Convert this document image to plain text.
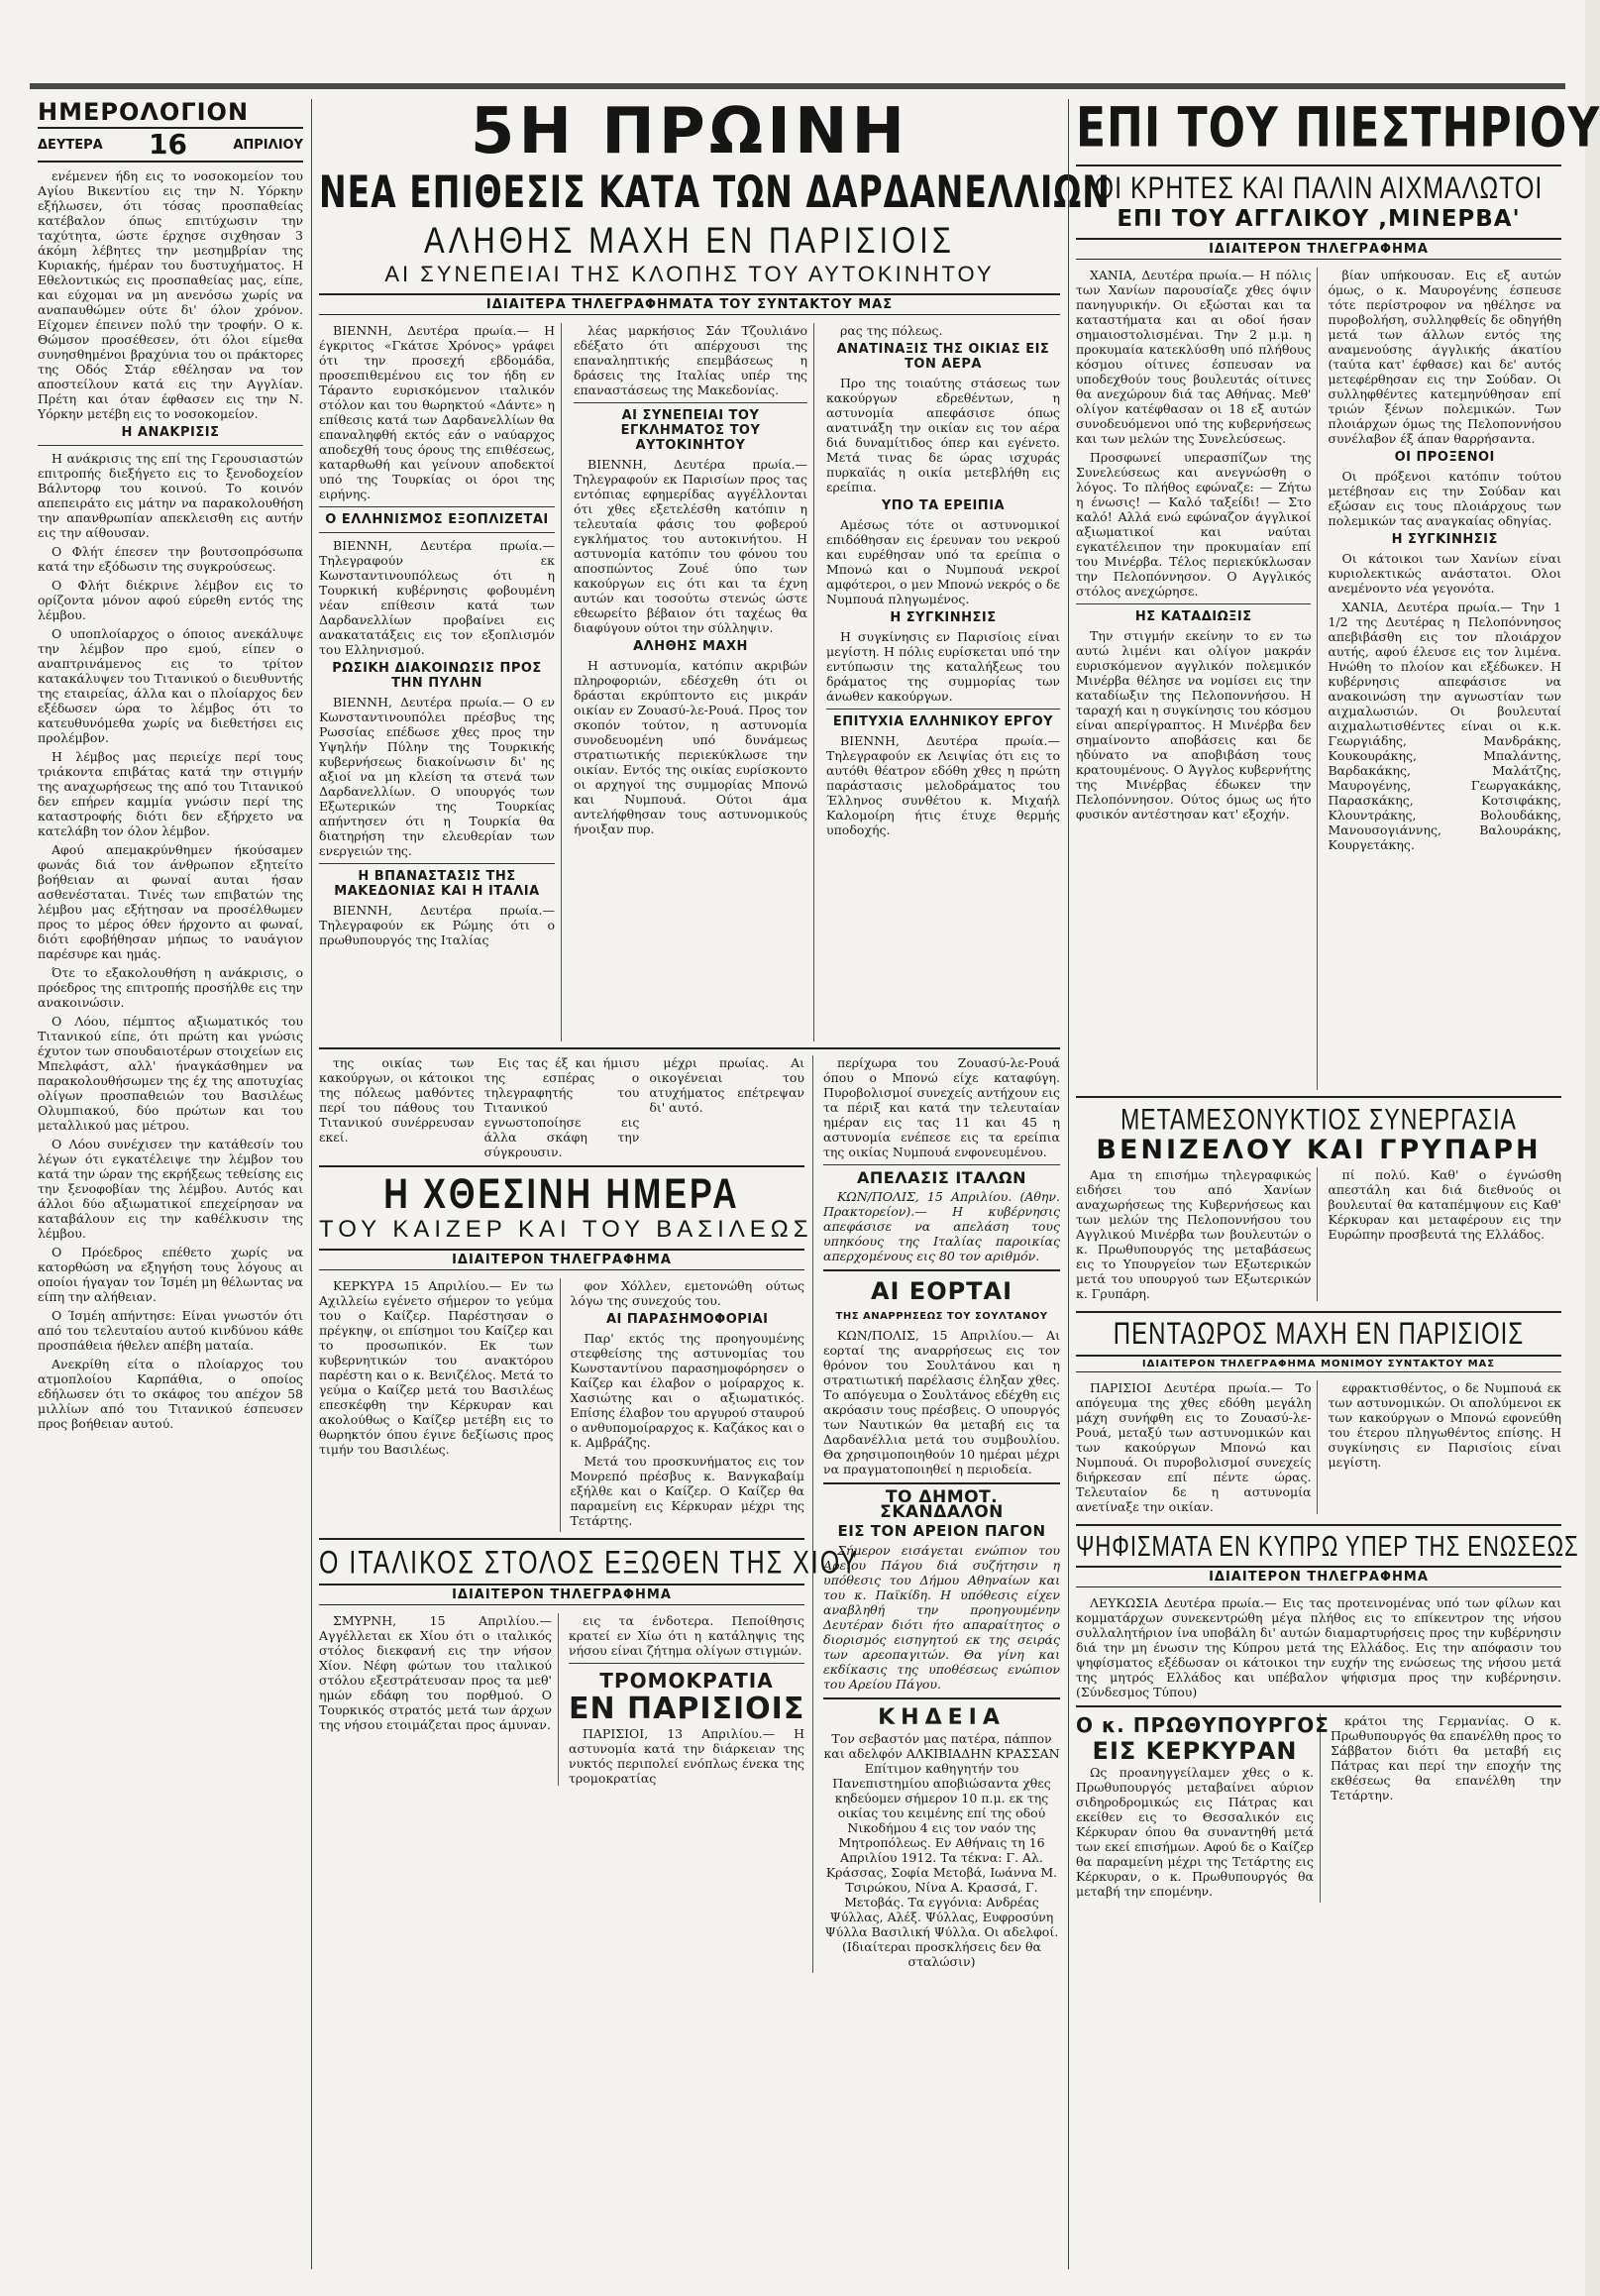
ΗΜΕΡΟΛΟΓΙΟΝ
ΔΕΥΤΕΡΑ 16	ΑΠΡΙΛΙΟΥ

ενέμενεν ήδη εις το νοσοκομείον του Αγίου Βικεντίου εις την Ν. Υόρκην εξήλωσεν, ότι τόσας προσπαθείας κατέβαλον όπως επιτύχωσιν την ταχύτητα, ώστε έρχησε σιχθησαν 3 άκόμη λέβητες την μεσημβρίαν της Κυριακής, ήμέραν του δυστυχήματος. Η Εθελοντικώς εις προσπαθείας μας, είπε, και εύχομαι να μη ανενόσω χωρίς να αναπαυθώμεν ούτε δι' όλον χρόνον. Είχομεν έπεινεν πολύ την τροφήν. Ο κ. Θώμσον προσέθεσεν, ότι όλοι είμεθα συνησθημένοι βραχύνια του οι πράκτορες της Οδός Στάρ εθέλησαν να τον αποστείλουν κατά εις την Αγγλίαν. Πρέτη και όταν έφθασεν εις την Ν. Υόρκην μετέβη εις το νοσοκομείον.

Η ΑΝΑΚΡΙΣΙΣ

Η ανάκρισις της επί της Γερουσιαστών επιτροπής διεξήγετο εις το ξενοδοχείον Βάλντορφ του κοινού. Το κοινόν απεπειράτο εις μάτην να παρακολουθήση την απανθρωπίαν απεκλεισθη εις αυτήν εις την αίθουσαν.

Ο Φλήτ έπεσεν την βουτσοπρόσωπα κατά την εξόδωσιν της συγκρούσεως.

Ο Φλήτ διέκρινε λέμβον εις το ορίζοντα μόνον αφού εύρεθη εντός της λέμβου.

Ο υποπλοίαρχος ο όποιος ανεκάλυψε την λέμβον προ εμού, είπεν ο αναπτρινάμενος εις το τρίτον κατακάλυψεν του Τιτανικού ο διευθυντής της εταιρείας, άλλα και ο πλοίαρχος δεν εξέδωσεν ώρα το λέμβος ότι το κατευθυνόμεθα χωρίς να διεθετήσει εις προλέμβον.

Η λέμβος μας περιείχε περί τους τριάκοντα επιβάτας κατά την στιγμήν της αναχωρήσεως της από του Τιτανικού δεν επήρεν καμμία γνώσιν περί της καταστροφής διότι δεν εξήρχετο να κατελάβη τον όλον λέμβον.

Αφού απεμακρύνθημεν ήκούσαμεν φωνάς διά τον άνθρωπον εξητείτο βοήθειαν αι φωναί αυται ήσαν ασθενέσταται. Τινές των επιβατών της λέμβου μας εξήτησαν να προσέλθωμεν προς το μέρος όθεν ήρχοντο αι φωναί, διότι εφοβήθησαν μήπως το ναυάγιον παρέσυρε και ημάς.

Ότε το εξακολουθήση η ανάκρισις, ο πρόεδρος της επιτροπής προσήλθε εις την ανακοινώσιν.

Ο Λόου, πέμπτος αξιωματικός του Τιτανικού είπε, ότι πρώτη και γνώσις έχυτον των σπουδαιοτέρων στοιχείων εις Μπελφάστ, αλλ' ήναγκάσθημεν να παρακολουθήσωμεν της έχ της αποτυχίας ολίγων προσπαθειών του Βασιλέως Ολυμπιακού, δύο πρώτων και του μεταλλικού μας μέτρου.

Ο Λόου συνέχισεν την κατάθεσίν του λέγων ότι εγκατέλειψε την λέμβον του κατά την ώραν της εκρήξεως τεθείσης εις την ξενοφοβίαν της λέμβου. Αυτός και άλλοι δύο αξιωματικοί επεχείρησαν να καταβάλουν εις την καθέλκυσιν της λέμβου.

Ο Πρόεδρος επέθετο χωρίς να κατορθώση να εξηγήση τους λόγους αι οποίοι ήγαγαν τον Ίσμέη μη θέλωντας να είπη την αλήθειαν.

Ο Ίσμέη απήντησε: Είναι γνωστόν ότι από του τελευταίου αυτού κινδύνου κάθε προσπάθεια ήθελεν απέβη ματαία.

Ανεκρίθη είτα ο πλοίαρχος του ατμοπλοίου Καρπάθια, ο οποίος εδήλωσεν ότι το σκάφος του απέχον 58 μιλλίων από του Τιτανικού έσπευσεν προς βοήθειαν αυτού.

5Η ΠΡΩΙΝΗ
ΝΕΑ ΕΠΙΘΕΣΙΣ ΚΑΤΑ ΤΩΝ ΔΑΡΔΑΝΕΛΛΙΩΝ
ΑΛΗΘΗΣ ΜΑΧΗ ΕΝ ΠΑΡΙΣΙΟΙΣ
ΑΙ ΣΥΝΕΠΕΙΑΙ ΤΗΣ ΚΛΟΠΗΣ ΤΟΥ ΑΥΤΟΚΙΝΗΤΟΥ
ΙΔΙΑΙΤΕΡΑ ΤΗΛΕΓΡΑΦΗΜΑΤΑ ΤΟΥ ΣΥΝΤΑΚΤΟΥ ΜΑΣ

ΒΙΕΝΝΗ, Δευτέρα πρωία.— Η έγκριτος «Γκάτσε Χρόνος» γράφει ότι την προσεχή εβδομάδα, προσεπιθεμένου εις τον ήδη εν Τάραντο ευρισκόμενον ιταλικόν στόλον και του θωρηκτού «Δάντε» η επίθεσις κατά των Δαρδανελλίων θα επαναληφθή εκτός εάν ο ναύαρχος αποδεχθή τους όρους της επιθέσεως, καταρθωθή και γείνουν αποδεκτοί υπό της Τουρκίας οι όροι της ειρήνης.

Ο ΕΛΛΗΝΙΣΜΟΣ ΕΞΟΠΛΙΖΕΤΑΙ

ΒΙΕΝΝΗ, Δευτέρα πρωία.— Τηλεγραφούν εκ Κωνσταντινουπόλεως ότι η Τουρκική κυβέρνησις φοβουμένη νέαν επίθεσιν κατά των Δαρδανελλίων προβαίνει εις ανακατατάξεις εις τον εξοπλισμόν του Ελληνισμού.

ΡΩΣΙΚΗ ΔΙΑΚΟΙΝΩΣΙΣ ΠΡΟΣ ΤΗΝ ΠΥΛΗΝ

ΒΙΕΝΝΗ, Δευτέρα πρωία.— Ο εν Κωνσταντινουπόλει πρέσβυς της Ρωσσίας επέδωσε χθες προς την Υψηλήν Πύλην της Τουρκικής κυβερνήσεως διακοίνωσιν δι' ης αξιοί να μη κλείση τα στενά των Δαρδανελλίων. Ο υπουργός των Εξωτερικών της Τουρκίας απήντησεν ότι η Τουρκία θα διατηρήση την ελευθερίαν των ενεργειών της.

Η ΒΠΑΝΑΣΤΑΣΙΣ ΤΗΣ ΜΑΚΕΔΟΝΙΑΣ ΚΑΙ Η ΙΤΑΛΙΑ

ΒΙΕΝΝΗ, Δευτέρα πρωία.— Τηλεγραφούν εκ Ρώμης ότι ο πρωθυπουργός της Ιταλίας

λέας μαρκήσιος Σάν Τζουλιάνο εδέξατο ότι απέρχουσι της επαναληπτικής επεμβάσεως η δράσεις της Ιταλίας υπέρ της επαναστάσεως της Μακεδονίας.

ΑΙ ΣΥΝΕΠΕΙΑΙ ΤΟΥ ΕΓΚΛΗΜΑΤΟΣ ΤΟΥ ΑΥΤΟΚΙΝΗΤΟΥ

ΒΙΕΝΝΗ, Δευτέρα πρωία.— Τηλεγραφούν εκ Παρισίων προς τας εντόπιας εφημερίδας αγγέλλονται ότι χθες εξετελέσθη κατόπιν η τελευταία φάσις του φοβερού εγκλήματος του αυτοκινήτου. Η αστυνομία κατόπιν του φόνου του αποσπώντος Ζουέ ύπο των κακούργων εις ότι και τα έχνη αυτών και τοσούτω στενώς ώστε εθεωρείτο βέβαιον ότι ταχέως θα διαφύγουν ούτοι την σύλληψιν.

ΑΛΗΘΗΣ ΜΑΧΗ

Η αστυνομία, κατόπιν ακριβών πληροφοριών, εδέσχεθη ότι οι δράσται εκρύπτοντο εις μικράν οικίαν εν Ζουασύ-λε-Ρουά. Προς τον σκοπόν τούτον, η αστυνομία συνοδευομένη υπό δυνάμεως στρατιωτικής περιεκύκλωσε την οικίαν. Εντός της οικίας ευρίσκοντο οι αρχηγοί της συμμορίας Μπονώ και Νυμπουά. Ούτοι άμα αντελήφθησαν τους αστυνομικούς ήνοιξαν πυρ.

ρας της πόλεως.

ΑΝΑΤΙΝΑΞΙΣ ΤΗΣ ΟΙΚΙΑΣ ΕΙΣ ΤΟΝ ΑΕΡΑ

Προ της τοιαύτης στάσεως των κακούργων εδρεθέντων, η αστυνομία απεφάσισε όπως ανατινάξη την οικίαν εις τον αέρα διά δυναμίτιδος όπερ και εγένετο. Μετά τινας δε ώρας ισχυράς πυρκαϊάς η οικία μετεβλήθη εις ερείπια.

ΥΠΟ ΤΑ ΕΡΕΙΠΙΑ

Αμέσως τότε οι αστυνομικοί επιδόθησαν εις έρευναν του νεκρού και ευρέθησαν υπό τα ερείπια ο Μπονώ και ο Νυμπουά νεκροί αμφότεροι, ο μεν Μπονώ νεκρός ο δε Νυμπουά πληγωμένος.

Η ΣΥΓΚΙΝΗΣΙΣ

Η συγκίνησις εν Παρισίοις είναι μεγίστη. Η πόλις ευρίσκεται υπό την εντύπωσιν της καταλήξεως του δράματος της συμμορίας των άνωθεν κακούργων.

ΕΠΙΤΥΧΙΑ ΕΛΛΗΝΙΚΟΥ ΕΡΓΟΥ

ΒΙΕΝΝΗ, Δευτέρα πρωία.— Τηλεγραφούν εκ Λειψίας ότι εις το αυτόθι θέατρον εδόθη χθες η πρώτη παράστασις μελοδράματος του Έλληνος συνθέτου κ. Μιχαήλ Καλομοίρη ήτις έτυχε θερμής υποδοχής.

της οικίας των κακούργων, οι κάτοικοι της πόλεως μαθόντες περί του πάθους του Τιτανικού συνέρρευσαν εκεί.

Εις τας έξ και ήμισυ της εσπέρας ο τηλεγραφητής του Τιτανικού εγνωστοποίησε εις άλλα σκάφη την σύγκρουσιν.

μέχρι πρωίας. Αι οικογένειαι του ατυχήματος επέτρεψαν δι' αυτό.

Η ΧΘΕΣΙΝΗ ΗΜΕΡΑ
ΤΟΥ ΚΑΙΖΕΡ ΚΑΙ ΤΟΥ ΒΑΣΙΛΕΩΣ
ΙΔΙΑΙΤΕΡΟΝ ΤΗΛΕΓΡΑΦΗΜΑ

ΚΕΡΚΥΡΑ 15 Απριλίου.— Εν τω Αχιλλείω εγένετο σήμερον το γεύμα του ο Καίζερ. Παρέστησαν ο πρέγκηψ, οι επίσημοι του Καίζερ και το προσωπικόν. Εκ των κυβερνητικών του ανακτόρου παρέστη και ο κ. Βενιζέλος. Μετά το γεύμα ο Καίζερ μετά του Βασιλέως επεσκέφθη την Κέρκυραν και ακολούθως ο Καίζερ μετέβη εις το θωρηκτόν όπου έγινε δεξίωσις προς τιμήν του Βασιλέως.

φον Χόλλεν, εμετονώθη ούτως λόγω της συνεχούς του.

ΑΙ ΠΑΡΑΣΗΜΟΦΟΡΙΑΙ

Παρ' εκτός της προηγουμένης στεφθείσης της αστυνομίας του Κωνσταντίνου παρασημοφόρησεν ο Καίζερ και έλαβον ο μοίραρχος κ. Χασιώτης και ο αξιωματικός. Επίσης έλαβον του αργυρού σταυρού ο ανθυπομοίραρχος κ. Καζάκος και ο κ. Αμβράζης.

Μετά του προσκυνήματος εις τον Μονρεπό πρέσβυς κ. Βανγκαβαίμ εξήλθε και ο Καίζερ. Ο Καίζερ θα παραμείνη εις Κέρκυραν μέχρι της Τετάρτης.

Ο ΙΤΑΛΙΚΟΣ ΣΤΟΛΟΣ ΕΞΩΘΕΝ ΤΗΣ ΧΙΟΥ
ΙΔΙΑΙΤΕΡΟΝ ΤΗΛΕΓΡΑΦΗΜΑ

ΣΜΥΡΝΗ, 15 Απριλίου.— Αγγέλλεται εκ Χίου ότι ο ιταλικός στόλος διεκφανή εις την νήσον Χίον. Νέφη φώτων του ιταλικού στόλου εξεστράτευσαν προς τα μεθ' ημών εδάφη του πορθμού. Ο Τουρκικός στρατός μετά των άρχων της νήσου ετοιμάζεται προς άμυναν.

εις τα ένδοτερα. Πεποίθησις κρατεί εν Χίω ότι η κατάληψις της νήσου είναι ζήτημα ολίγων στιγμών.

ΤΡΟΜΟΚΡΑΤΙΑ
ΕΝ ΠΑΡΙΣΙΟΙΣ

ΠΑΡΙΣΙΟΙ, 13 Απριλίου.— Η αστυνομία κατά την διάρκειαν της νυκτός περιπολεί ενόπλως ένεκα της τρομοκρατίας

περίχωρα του Ζουασύ-λε-Ρουά όπου ο Μπονώ είχε καταφύγη. Πυροβολισμοί συνεχείς αντήχουν εις τα πέριξ και κατά την τελευταίαν ημέραν εις τας 11 και 45 η αστυνομία ενέπεσε εις τα ερείπια της οικίας Νυμπουά ενφονευμένου.

ΑΠΕΛΑΣΙΣ ΙΤΑΛΩΝ

ΚΩΝ/ΠΟΛΙΣ, 15 Απριλίου. (Αθην. Πρακτορείον).— Η κυβέρνησις απεφάσισε να απελάση τους υπηκόους της Ιταλίας παροικίας απερχομένους εις 80 τον αριθμόν.

ΑΙ ΕΟΡΤΑΙ
ΤΗΣ ΑΝΑΡΡΗΣΕΩΣ ΤΟΥ ΣΟΥΛΤΑΝΟΥ

ΚΩΝ/ΠΟΛΙΣ, 15 Απριλίου.— Αι εορταί της αναρρήσεως εις τον θρόνον του Σουλτάνου και η στρατιωτική παρέλασις έληξαν χθες. Το απόγευμα ο Σουλτάνος εδέχθη εις ακρόασιν τους πρέσβεις. Ο υπουργός των Ναυτικών θα μεταβή εις τα Δαρδανέλλια μετά του συμβουλίου. Θα χρησιμοποιηθούν 10 ημέραι μέχρι να πραγματοποιηθεί η περιοδεία.

ΤΟ ΔΗΜΟΤ. ΣΚΑΝΔΑΛΟΝ
ΕΙΣ ΤΟΝ ΑΡΕΙΟΝ ΠΑΓΟΝ

Σήμερον εισάγεται ενώπιον του Αρείου Πάγου διά συζήτησιν η υπόθεσις του Δήμου Αθηναίων και του κ. Παϊκίδη. Η υπόθεσις είχεν αναβληθή την προηγουμένην Δευτέραν διότι ήτο απαραίτητος ο διορισμός εισηγητού εκ της σειράς των αρεοπαγιτών. Θα γίνη και εκδίκασις της υποθέσεως ενώπιον του Αρείου Πάγου.

ΚΗΔΕΙΑ

Τον σεβαστόν μας πατέρα, πάππον και αδελφόν ΑΛΚΙΒΙΑΔΗΝ ΚΡΑΣΣΑΝ Επίτιμον καθηγητήν του Πανεπιστημίου αποβιώσαντα χθες κηδεύομεν σήμερον 10 π.μ. εκ της οικίας του κειμένης επί της οδού Νικοδήμου 4 εις τον ναόν της Μητροπόλεως. Εν Αθήναις τη 16 Απριλίου 1912. Τα τέκνα: Γ. Αλ. Κράσσας, Σοφία Μετοβά, Ιωάννα Μ. Τσιρώκου, Νίνα Α. Κρασσά, Γ. Μετοβάς. Τα εγγόνια: Ανδρέας Ψύλλας, Αλέξ. Ψύλλας, Ευφροσύνη Ψύλλα Βασιλική Ψύλλα. Οι αδελφοί. (Ιδιαίτεραι προσκλήσεις δεν θα σταλώσιν)

ΕΠΙ ΤΟΥ ΠΙΕΣΤΗΡΙΟΥ
ΟΙ ΚΡΗΤΕΣ ΚΑΙ ΠΑΛΙΝ ΑΙΧΜΑΛΩΤΟΙ
ΕΠΙ ΤΟΥ ΑΓΓΛΙΚΟΥ ,ΜΙΝΕΡΒΑ'
ΙΔΙΑΙΤΕΡΟΝ ΤΗΛΕΓΡΑΦΗΜΑ

ΧΑΝΙΑ, Δευτέρα πρωία.— Η πόλις των Χανίων παρουσίαζε χθες όψιν πανηγυρικήν. Οι εξώσται και τα καταστήματα και αι οδοί ήσαν σημαιοστολισμέναι. Την 2 μ.μ. η προκυμαία κατεκλύσθη υπό πλήθους κόσμου οίτινες έσπευσαν να υποδεχθούν τους βουλευτάς οίτινες θα ανεχώρουν διά τας Αθήνας. Μεθ' ολίγον κατέφθασαν οι 18 εξ αυτών συνοδευόμενοι υπό της κυβερνήσεως και των μελών της Συνελεύσεως.

Προσφωνεί υπερασπίζων της Συνελεύσεως και ανεγνώσθη ο λόγος. Το πλήθος εφώναζε: — Ζήτω η ένωσις! — Καλό ταξείδι! — Στο καλό! Αλλά ενώ εφώναζον άγγλικοί αξιωματικοί και ναύται εγκατέλειπον την προκυμαίαν επί του Μινέρβα. Τέλος περιεκύκλωσαν την Πελοπόννησον. Ο Αγγλικός στόλος ανεχώρησε.

ΗΣ ΚΑΤΑΔΙΩΞΙΣ

Την στιγμήν εκείνην το εν τω αυτώ λιμένι και ολίγον μακράν ευρισκόμενον αγγλικόν πολεμικόν Μινέρβα θέλησε να νομίσει εις την καταδίωξιν της Πελοποννήσου. Η ταραχή και η συγκίνησις του κόσμου είναι απερίγραπτος. Η Μινέρβα δεν σημαίνοντο αποβάσεις και δε ηδύνατο να αποβιβάση τους κρατουμένους. Ο Άγγλος κυβερνήτης της Μινέρβας έδωκεν την Πελοπόννησον. Ούτος όμως ως ήτο φυσικόν αντέστησαν κατ' εξοχήν.

βίαν υπήκουσαν. Εις εξ αυτών όμως, ο κ. Μαυρογένης έσπευσε τότε περίστροφον να ηθέλησε να πυροβολήση, συλληφθείς δε οδηγήθη μετά των άλλων εντός της αναμενούσης άγγλικής άκατίου (ταύτα κατ' έφθασε) και δε' αυτός μετεφέρθησαν εις την Σούδαν. Οι συλληφθέντες κατεμηνύθησαν επί τριών ξένων πολεμικών. Των πλοιάρχων όμως της Πελοποννήσου συνέλαβον έξ άπαν θαρρήσαντα.

ΟΙ ΠΡΟΞΕΝΟΙ

Οι πρόξενοι κατόπιν τούτου μετέβησαν εις την Σούδαν και εξώσαν εις τους πλοιάρχους των πολεμικών τας αναγκαίας οδηγίας.

Η ΣΥΓΚΙΝΗΣΙΣ

Οι κάτοικοι των Χανίων είναι κυριολεκτικώς ανάστατοι. Ολοι ανεμένοντο νέα γεγονότα.

ΧΑΝΙΑ, Δευτέρα πρωία.— Την 1 1/2 της Δευτέρας η Πελοπόννησος απεβιβάσθη εις τον πλοιάρχον αυτής, αφού έλευσε εις τον λιμένα. Ηνώθη το πλοίον και εξέδωκεν. Η κυβέρνησις απεφάσισε να ανακοινώση την αγνωστίαν των αιχμαλωσιών. Οι βουλευταί αιχμαλωτισθέντες είναι οι κ.κ. Γεωργιάδης, Μανδράκης, Κουκουράκης, Μπαλάντης, Βαρδακάκης, Μαλάτζης, Μαυρογένης, Γεωργακάκης, Παρασκάκης, Κοτσιφάκης, Κλουντράκης, Βολουδάκης, Μανουσογιάννης, Βαλουράκης, Κουργετάκης.

ΜΕΤΑΜΕΣΟΝΥΚΤΙΟΣ ΣΥΝΕΡΓΑΣΙΑ
ΒΕΝΙΖΕΛΟΥ ΚΑΙ ΓΡΥΠΑΡΗ

Αμα τη επισήμω τηλεγραφικώς ειδήσει του από Χανίων αναχωρήσεως της Κυβερνήσεως και των μελών της Πελοποννήσου του Αγγλικού Μινέρβα των βουλευτών ο κ. Πρωθυπουργός της μεταβάσεως εις το Υπουργείον των Εξωτερικών μετά του υπουργού των Εξωτερικών κ. Γρυπάρη.

πί πολύ. Καθ' ο έγνώσθη απεστάλη και διά διεθνούς οι βουλευταί θα καταπέμψουν εις Καθ' Κέρκυραν και μεταφέρουν εις την Ευρώπην προσβευτά της Ελλάδος.

ΠΕΝΤΑΩΡΟΣ ΜΑΧΗ ΕΝ ΠΑΡΙΣΙΟΙΣ
ΙΔΙΑΙΤΕΡΟΝ ΤΗΛΕΓΡΑΦΗΜΑ ΜΟΝΙΜΟΥ ΣΥΝΤΑΚΤΟΥ ΜΑΣ

ΠΑΡΙΣΙΟΙ Δευτέρα πρωία.— Το απόγευμα της χθες εδόθη μεγάλη μάχη συνήφθη εις το Ζουασύ-λε-Ρουά, μεταξύ των αστυνομικών και των κακούργων Μπονώ και Νυμπουά. Οι πυροβολισμοί συνεχείς διήρκεσαν επί πέντε ώρας. Τελευταίον δε η αστυνομία ανετίναξε την οικίαν.

εφρακτισθέντος, ο δε Νυμπουά εκ των αστυνομικών. Οι απολύμενοι εκ των κακούργων ο Μπονώ εφονεύθη του έτερου πληγωθέντος επίσης. Η συγκίνησις εν Παρισίοις είναι μεγίστη.

ΨΗΦΙΣΜΑΤΑ ΕΝ ΚΥΠΡΩ ΥΠΕΡ ΤΗΣ ΕΝΩΣΕΩΣ
ΙΔΙΑΙΤΕΡΟΝ ΤΗΛΕΓΡΑΦΗΜΑ

ΛΕΥΚΩΣΙΑ Δευτέρα πρωία.— Εις τας προτεινομένας υπό των φίλων και κομματάρχων συνεκεντρώθη μέγα πλήθος εις το επίκεντρον της νήσου συλλαλητήριον ίνα υποβάλη δι' αυτών διαμαρτυρήσεις προς την κυβέρνησιν διά την μη ένωσιν της Κύπρου μετά της Ελλάδος. Εις την απόφασιν του ψηφίσματος εξέδωσαν οι κάτοικοι την ευχήν της ενώσεως της νήσου μετά της μητρός Ελλάδος και υπέβαλον ψήφισμα προς την κυβέρνησιν. (Σύνδεσμος Τύπου)

Ο κ. ΠΡΩΘΥΠΟΥΡΓΟΣ
ΕΙΣ ΚΕΡΚΥΡΑΝ

Ως προανηγγείλαμεν χθες ο κ. Πρωθυπουργός μεταβαίνει αύριον σιδηροδρομικώς εις Πάτρας και εκείθεν εις το Θεσσαλικόν εις Κέρκυραν όπου θα συναντηθή μετά των εκεί επισήμων. Αφού δε ο Καίζερ θα παραμείνη μέχρι της Τετάρτης εις Κέρκυραν, ο κ. Πρωθυπουργός θα μεταβή την επομένην.

κράτοι της Γερμανίας. Ο κ. Πρωθυπουργός θα επανέλθη προς το Σάββατον διότι θα μεταβή εις Πάτρας και περί την εποχήν της εκθέσεως θα επανέλθη την Τετάρτην.
